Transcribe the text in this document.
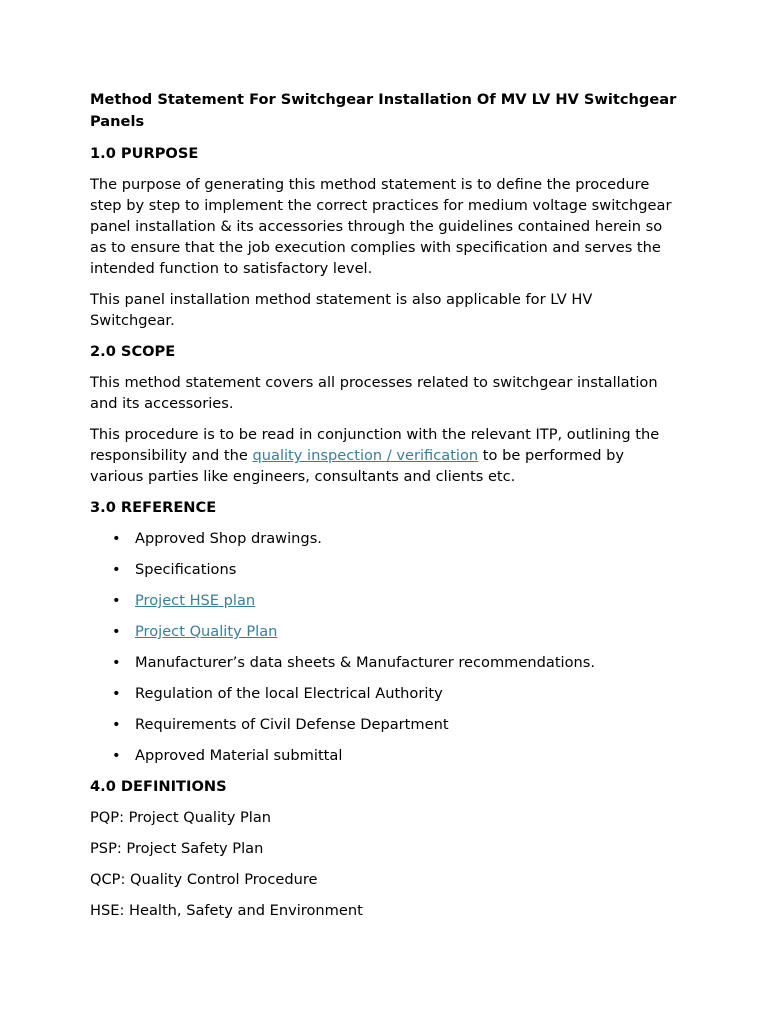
Method Statement For Switchgear Installation Of MV LV HV Switchgear Panels
1.0 PURPOSE

The purpose of generating this method statement is to define the procedure step by step to implement the correct practices for medium voltage switchgear panel installation & its accessories through the guidelines contained herein so as to ensure that the job execution complies with specification and serves the intended function to satisfactory level.

This panel installation method statement is also applicable for LV HV Switchgear.

2.0 SCOPE

This method statement covers all processes related to switchgear installation and its accessories.

This procedure is to be read in conjunction with the relevant ITP, outlining the responsibility and the quality inspection / verification to be performed by various parties like engineers, consultants and clients etc.

3.0 REFERENCE
• Approved Shop drawings.
• Specifications
• Project HSE plan
• Project Quality Plan
• Manufacturer’s data sheets & Manufacturer recommendations.
• Regulation of the local Electrical Authority
• Requirements of Civil Defense Department
• Approved Material submittal
4.0 DEFINITIONS

PQP: Project Quality Plan

PSP: Project Safety Plan

QCP: Quality Control Procedure

HSE: Health, Safety and Environment
